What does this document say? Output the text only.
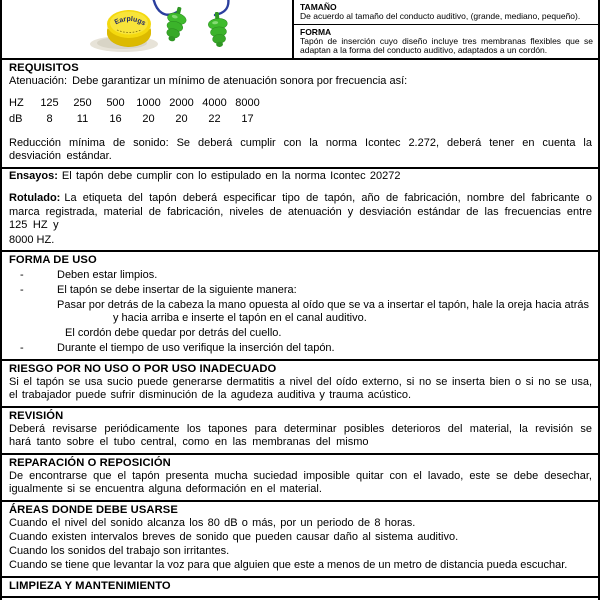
Earplugs
TAMAÑO
De acuerdo al tamaño del conducto auditivo, (grande, mediano, pequeño).
FORMA
Tapón de inserción cuyo diseño incluye tres membranas flexibles que se adaptan a la forma del conducto auditivo, adaptados a un cordón.
REQUISITOS

Atenuación: Debe garantizar un mínimo de atenuación sonora por frecuencia así:

HZ	125	250	500	1000 2000 4000 8000
dB	8	11	16	20	20	22	17

Reducción mínima de sonido: Se deberá cumplir con la norma Icontec 2.272, deberá tener en cuenta la desviación estándar.

Ensayos: El tapón debe cumplir con lo estipulado en la norma Icontec 20272

Rotulado: La etiqueta del tapón deberá especificar tipo de tapón, año de fabricación, nombre del fabricante o marca registrada, material de fabricación, niveles de atenuación y desviación estándar de las frecuencias entre 125 HZ y

8000 HZ.

FORMA DE USO
-	Deben estar limpios.
-	El tapón se debe insertar de la siguiente manera:

Pasar por detrás de la cabeza la mano opuesta al oído que se va a insertar el tapón, hale la oreja hacia atrás y hacia arriba e inserte el tapón en el canal auditivo.

El cordón debe quedar por detrás del cuello.

-	Durante el tiempo de uso verifique la inserción del tapón.
RIESGO POR NO USO O POR USO INADECUADO

Si el tapón se usa sucio puede generarse dermatitis a nivel del oído externo, si no se inserta bien o si no se usa, el trabajador puede sufrir disminución de la agudeza auditiva y trauma acústico.

REVISIÓN

Deberá revisarse periódicamente los tapones para determinar posibles deterioros del material, la revisión se hará tanto sobre el tubo central, como en las membranas del mismo

REPARACIÓN O REPOSICIÓN

De encontrarse que el tapón presenta mucha suciedad imposible quitar con el lavado, este se debe desechar, igualmente si se encuentra alguna deformación en el material.

ÁREAS DONDE DEBE USARSE

Cuando el nivel del sonido alcanza los 80 dB o más, por un periodo de 8 horas.

Cuando existen intervalos breves de sonido que pueden causar daño al sistema auditivo.

Cuando los sonidos del trabajo son irritantes.

Cuando se tiene que levantar la voz para que alguien que este a menos de un metro de distancia pueda escuchar.

LIMPIEZA Y MANTENIMIENTO
